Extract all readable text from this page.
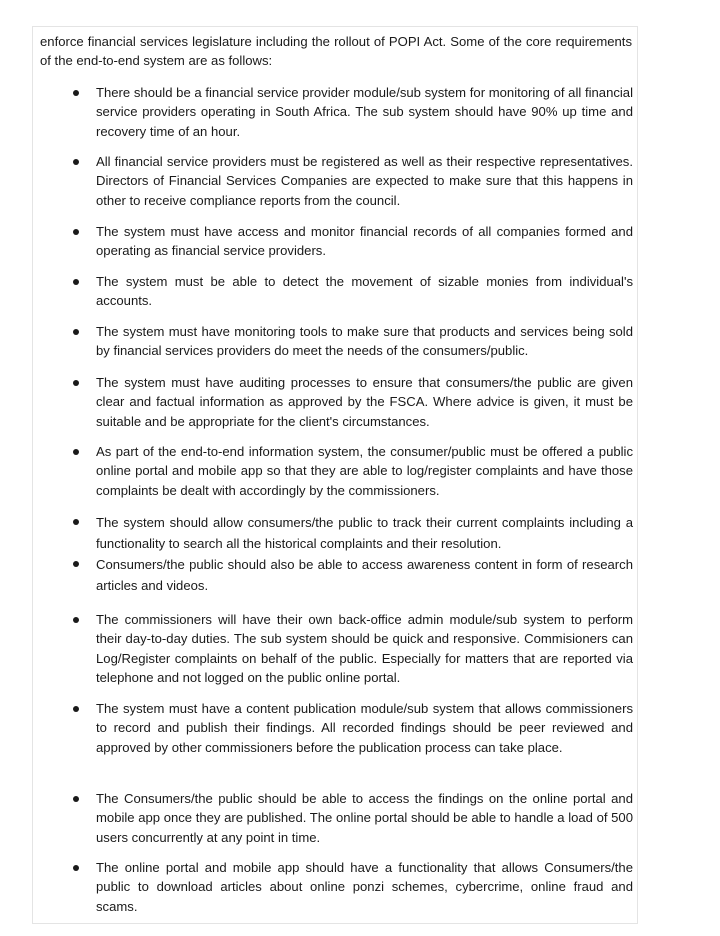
enforce financial services legislature including the rollout of POPI Act. Some of the core requirements of the end-to-end system are as follows:

There should be a financial service provider module/sub system for monitoring of all financial service providers operating in South Africa. The sub system should have 90% up time and recovery time of an hour.
All financial service providers must be registered as well as their respective representatives. Directors of Financial Services Companies are expected to make sure that this happens in other to receive compliance reports from the council.
The system must have access and monitor financial records of all companies formed and operating as financial service providers.
The system must be able to detect the movement of sizable monies from individual's accounts.
The system must have monitoring tools to make sure that products and services being sold by financial services providers do meet the needs of the consumers/public.
The system must have auditing processes to ensure that consumers/the public are given clear and factual information as approved by the FSCA. Where advice is given, it must be suitable and be appropriate for the client's circumstances.
As part of the end-to-end information system, the consumer/public must be offered a public online portal and mobile app so that they are able to log/register complaints and have those complaints be dealt with accordingly by the commissioners.
The system should allow consumers/the public to track their current complaints including a functionality to search all the historical complaints and their resolution.
Consumers/the public should also be able to access awareness content in form of research articles and videos.
The commissioners will have their own back-office admin module/sub system to perform their day-to-day duties. The sub system should be quick and responsive. Commisioners can Log/Register complaints on behalf of the public. Especially for matters that are reported via telephone and not logged on the public online portal.
The system must have a content publication module/sub system that allows commissioners to record and publish their findings. All recorded findings should be peer reviewed and approved by other commissioners before the publication process can take place.
The Consumers/the public should be able to access the findings on the online portal and mobile app once they are published. The online portal should be able to handle a load of 500 users concurrently at any point in time.
The online portal and mobile app should have a functionality that allows Consumers/the public to download articles about online ponzi schemes, cybercrime, online fraud and scams.
